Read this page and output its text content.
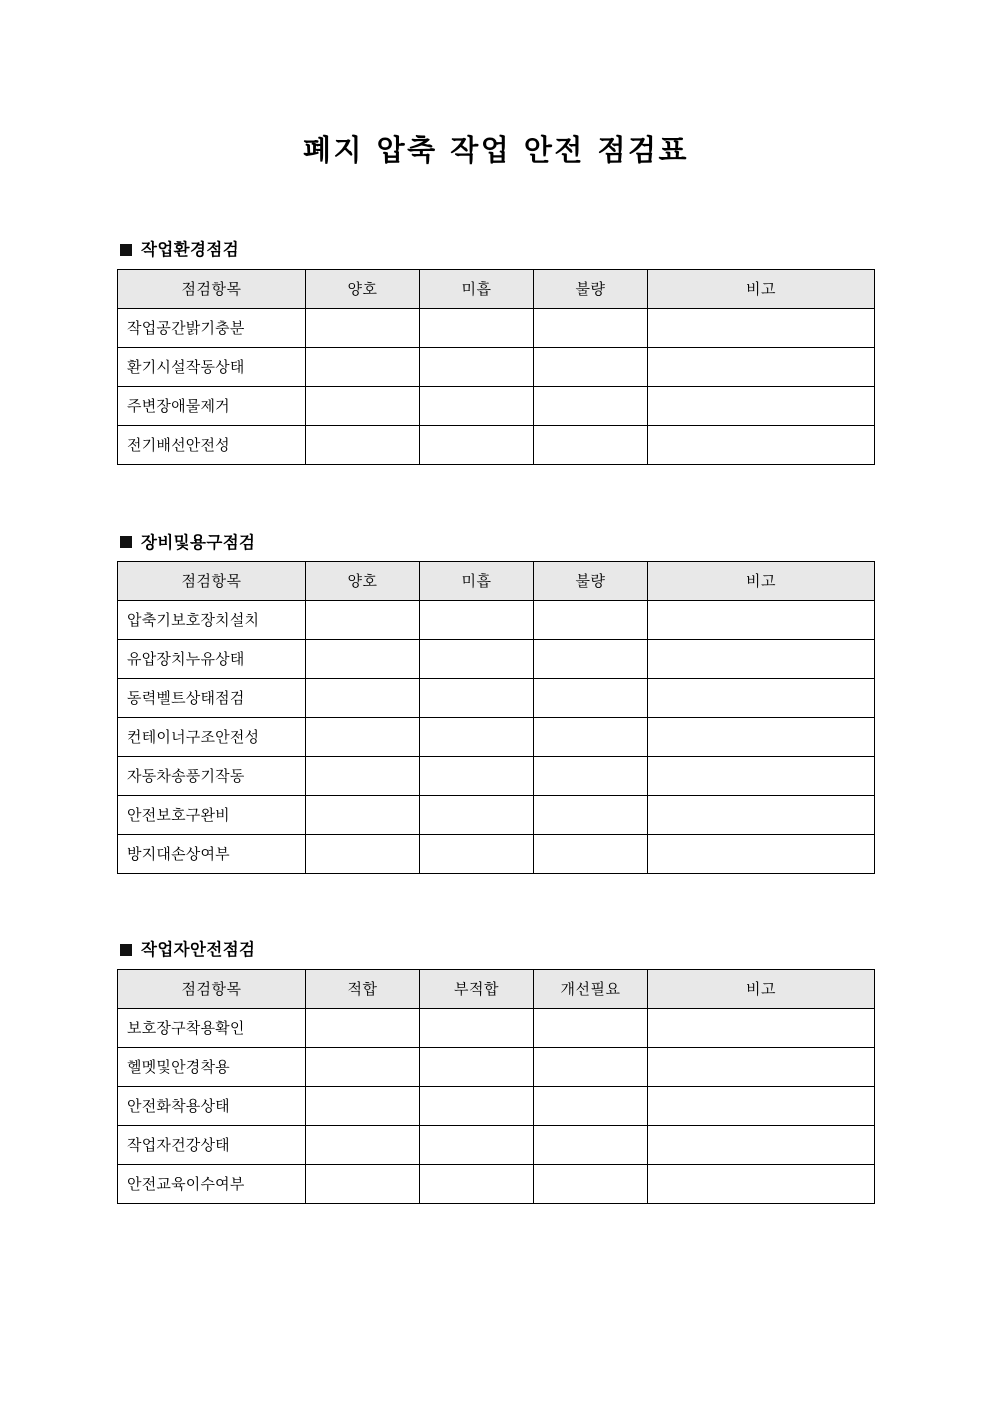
폐지 압축 작업 안전 점검표
작업환경점검
점검항목	양호	미흡	불량	비고
작업공간밝기충분				
환기시설작동상태				
주변장애물제거				
전기배선안전성				
장비및용구점검
점검항목	양호	미흡	불량	비고
압축기보호장치설치				
유압장치누유상태				
동력벨트상태점검				
컨테이너구조안전성				
자동차송풍기작동				
안전보호구완비				
방지대손상여부				
작업자안전점검
점검항목	적합	부적합	개선필요	비고
보호장구착용확인				
헬멧및안경착용				
안전화착용상태				
작업자건강상태				
안전교육이수여부				
